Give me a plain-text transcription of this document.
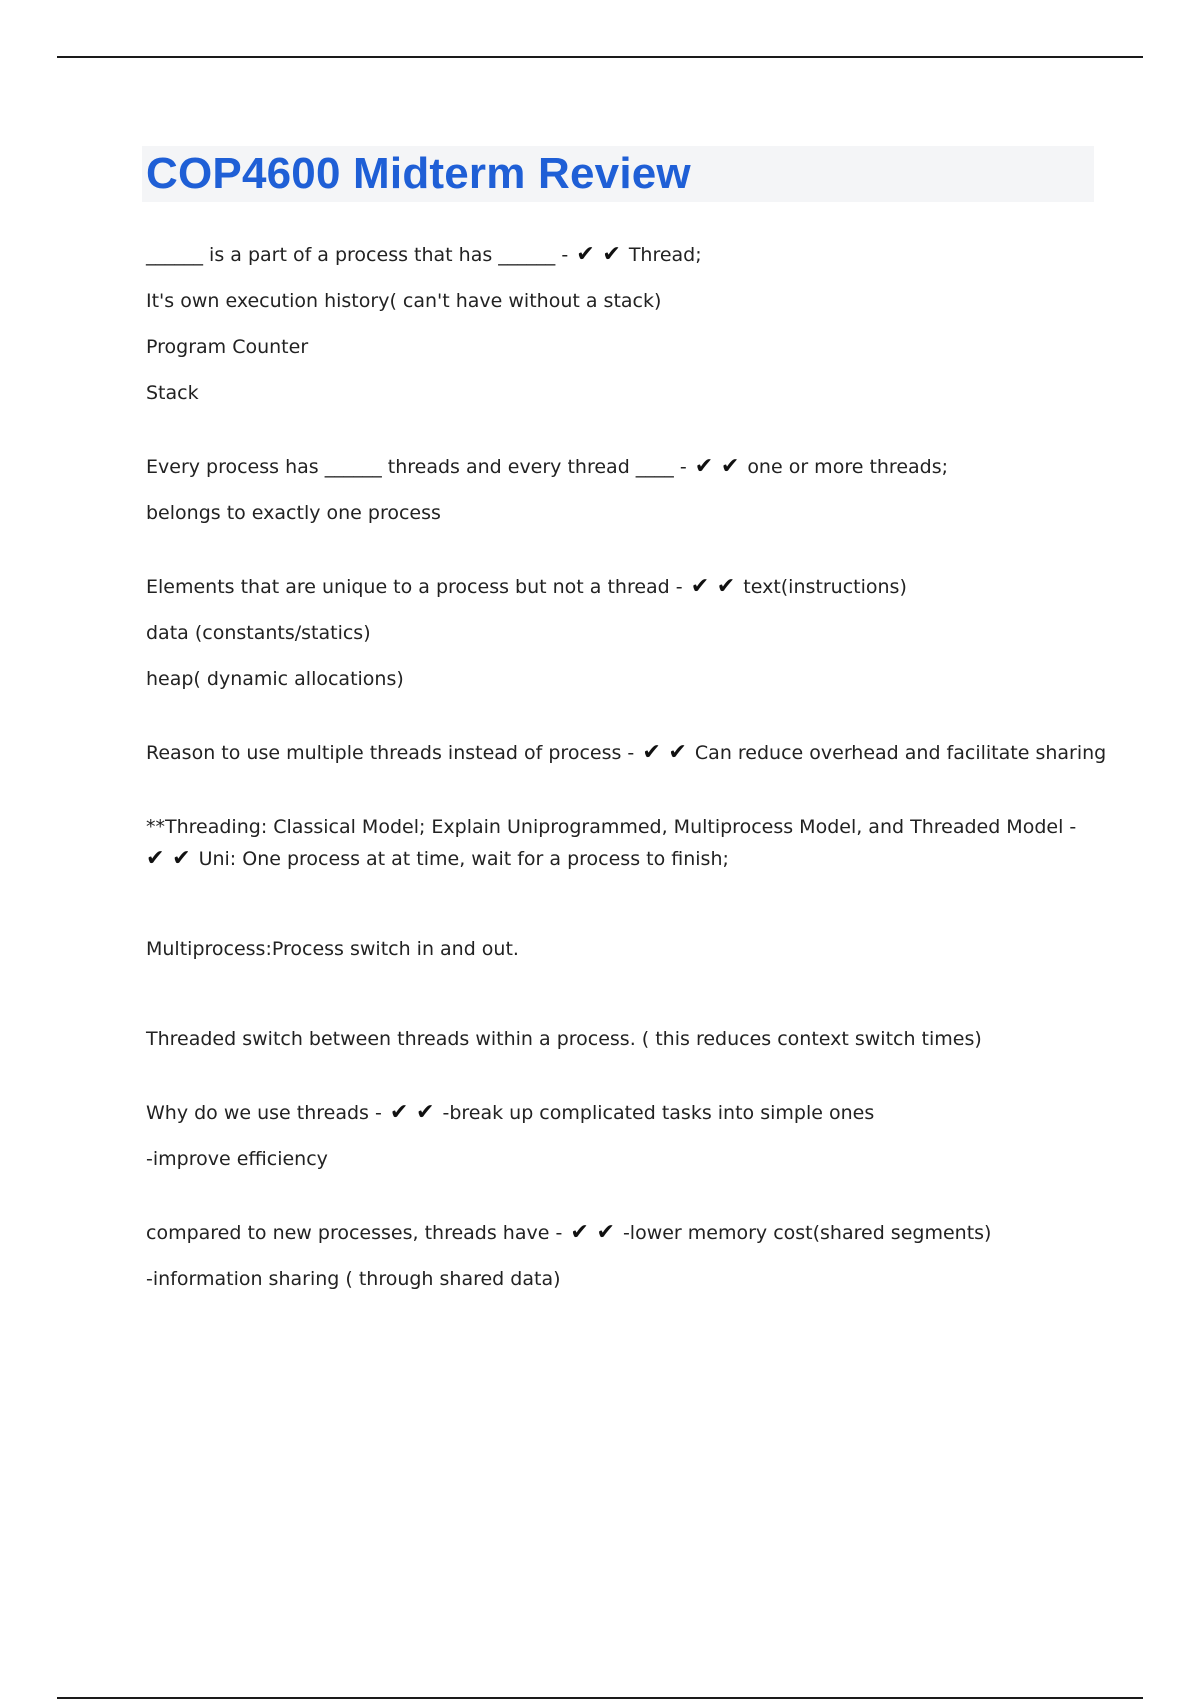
COP4600 Midterm Review

______ is a part of a process that has ______ - ✔ ✔ Thread;

It's own execution history( can't have without a stack)

Program Counter

Stack

Every process has ______ threads and every thread ____ - ✔ ✔ one or more threads;

belongs to exactly one process

Elements that are unique to a process but not a thread - ✔ ✔ text(instructions)

data (constants/statics)

heap( dynamic allocations)

Reason to use multiple threads instead of process - ✔ ✔ Can reduce overhead and facilitate sharing

**Threading: Classical Model; Explain Uniprogrammed, Multiprocess Model, and Threaded Model -

✔ ✔ Uni: One process at at time, wait for a process to finish;

Multiprocess:Process switch in and out.

Threaded switch between threads within a process. ( this reduces context switch times)

Why do we use threads - ✔ ✔ -break up complicated tasks into simple ones

-improve efficiency

compared to new processes, threads have - ✔ ✔ -lower memory cost(shared segments)

-information sharing ( through shared data)
